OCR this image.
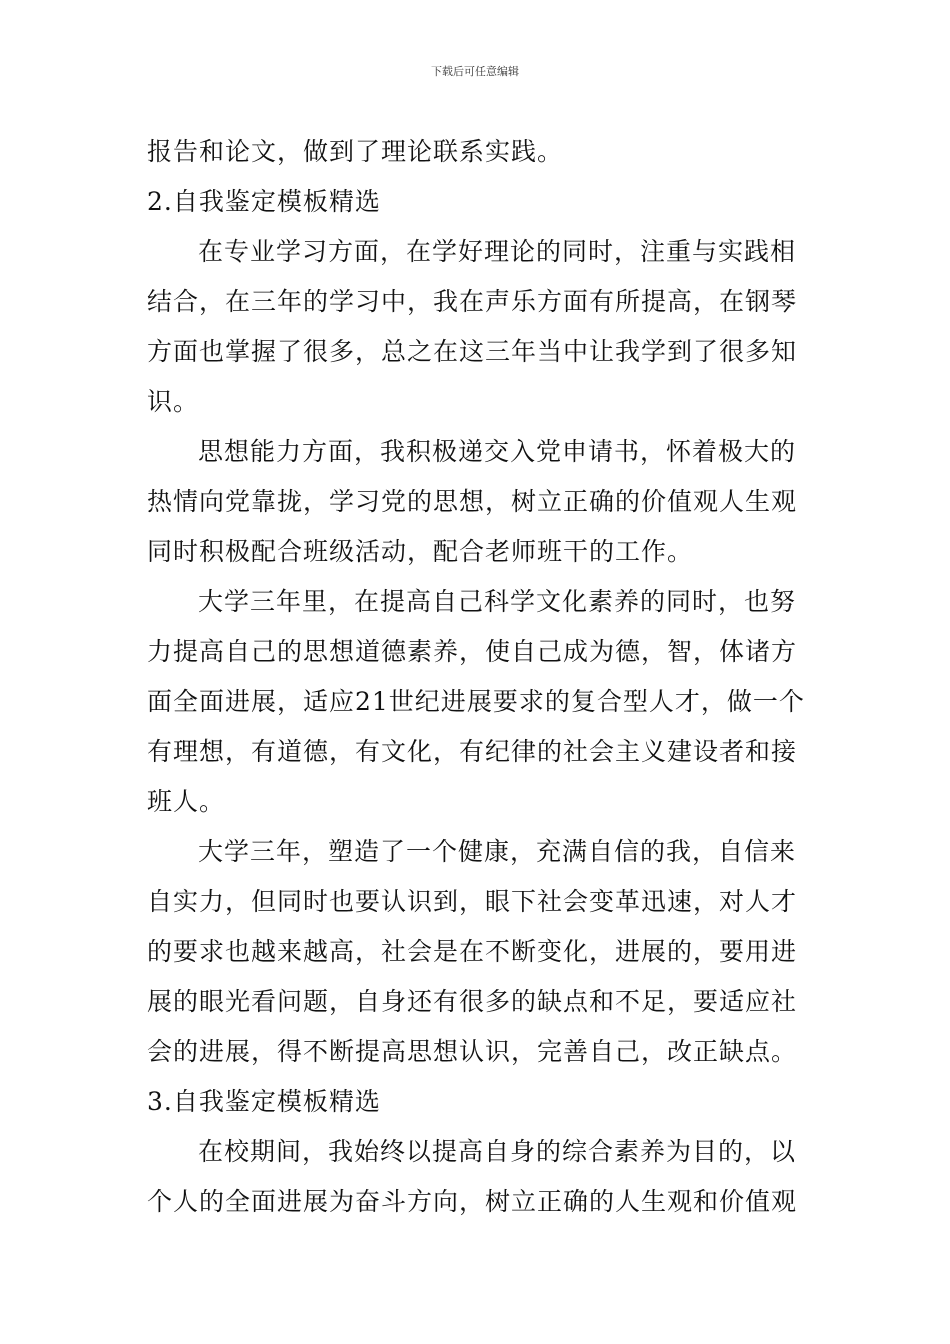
下载后可任意编辑
报告和论文，做到了理论联系实践。
2.自我鉴定模板精选
在专业学习方面，在学好理论的同时，注重与实践相
结合，在三年的学习中，我在声乐方面有所提高，在钢琴
方面也掌握了很多，总之在这三年当中让我学到了很多知
识。
思想能力方面，我积极递交入党申请书，怀着极大的
热情向党靠拢，学习党的思想，树立正确的价值观人生观
同时积极配合班级活动，配合老师班干的工作。
大学三年里，在提高自己科学文化素养的同时，也努
力提高自己的思想道德素养，使自己成为德，智，体诸方
面全面进展，适应21世纪进展要求的复合型人才，做一个
有理想，有道德，有文化，有纪律的社会主义建设者和接
班人。
大学三年，塑造了一个健康，充满自信的我，自信来
自实力，但同时也要认识到，眼下社会变革迅速，对人才
的要求也越来越高，社会是在不断变化，进展的，要用进
展的眼光看问题，自身还有很多的缺点和不足，要适应社
会的进展，得不断提高思想认识，完善自己，改正缺点。
3.自我鉴定模板精选
在校期间，我始终以提高自身的综合素养为目的，以
个人的全面进展为奋斗方向，树立正确的人生观和价值观
